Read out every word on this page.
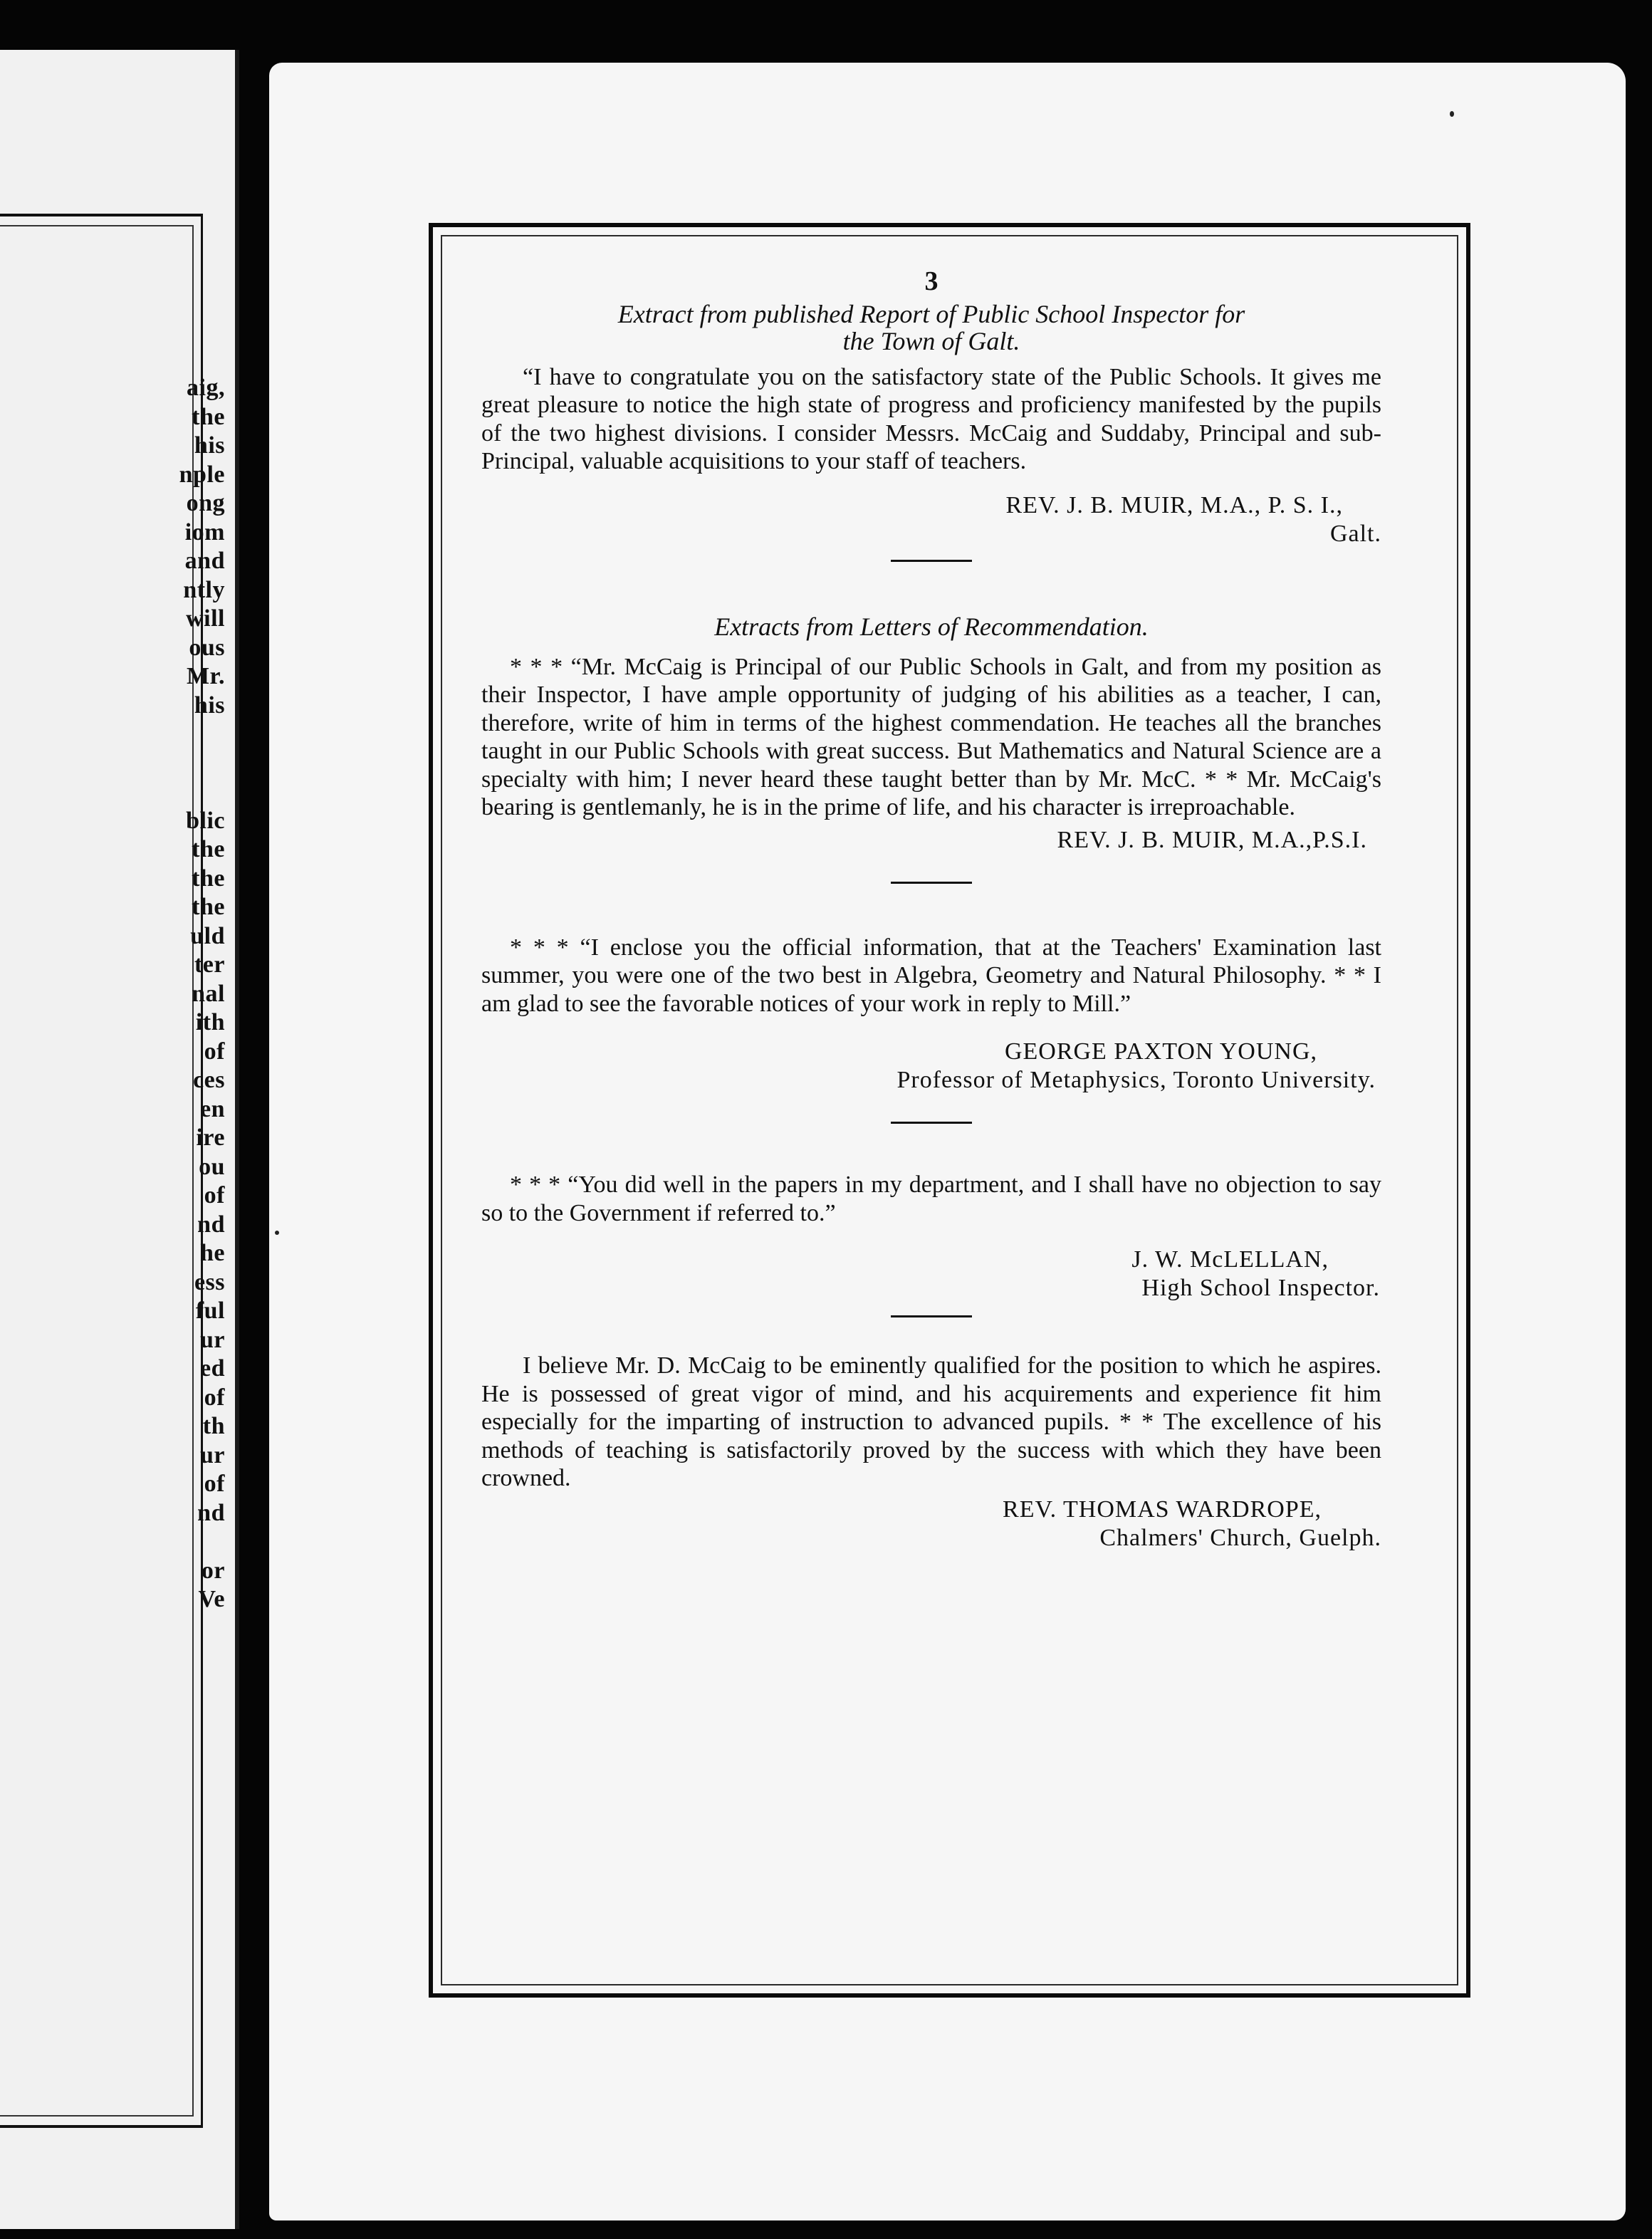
aig,
the
his
nple
ong
iom
and
ntly
will
ous
Mr.
his
blic
the
the
the
uld
ter
nal
ith
of
ces
en
ire
ou
of
nd
he
ess
ful
ur
ed
of
th
ur
of
nd
or
Ve
3
Extract from published Report of Public School Inspector for
the Town of Galt.

“I have to congratulate you on the satisfactory state of the Public Schools. It gives me great pleasure to notice the high state of progress and proficiency manifested by the pupils of the two highest divisions. I consider Messrs. McCaig and Suddaby, Principal and sub-Principal, valuable acquisitions to your staff of teachers.

REV. J. B. MUIR, M.A., P. S. I.,
Galt.
Extracts from Letters of Recommendation.

* * * “Mr. McCaig is Principal of our Public Schools in Galt, and from my position as their Inspector, I have ample opportunity of judging of his abilities as a teacher, I can, therefore, write of him in terms of the highest commendation. He teaches all the branches taught in our Public Schools with great success. But Mathematics and Natural Science are a specialty with him; I never heard these taught better than by Mr. McC. * * Mr. McCaig's bearing is gentlemanly, he is in the prime of life, and his character is irreproachable.

REV. J. B. MUIR, M.A.,P.S.I.

* * * “I enclose you the official information, that at the Teachers' Examination last summer, you were one of the two best in Algebra, Geometry and Natural Philosophy. * * I am glad to see the favorable notices of your work in reply to Mill.”

GEORGE PAXTON YOUNG,
Professor of Metaphysics, Toronto University.

* * * “You did well in the papers in my department, and I shall have no objection to say so to the Government if referred to.”

J. W. McLELLAN,
High School Inspector.

I believe Mr. D. McCaig to be eminently qualified for the position to which he aspires. He is possessed of great vigor of mind, and his acquirements and experience fit him especially for the imparting of instruction to advanced pupils. * * The excellence of his methods of teaching is satisfactorily proved by the success with which they have been crowned.

REV. THOMAS WARDROPE,
Chalmers' Church, Guelph.
